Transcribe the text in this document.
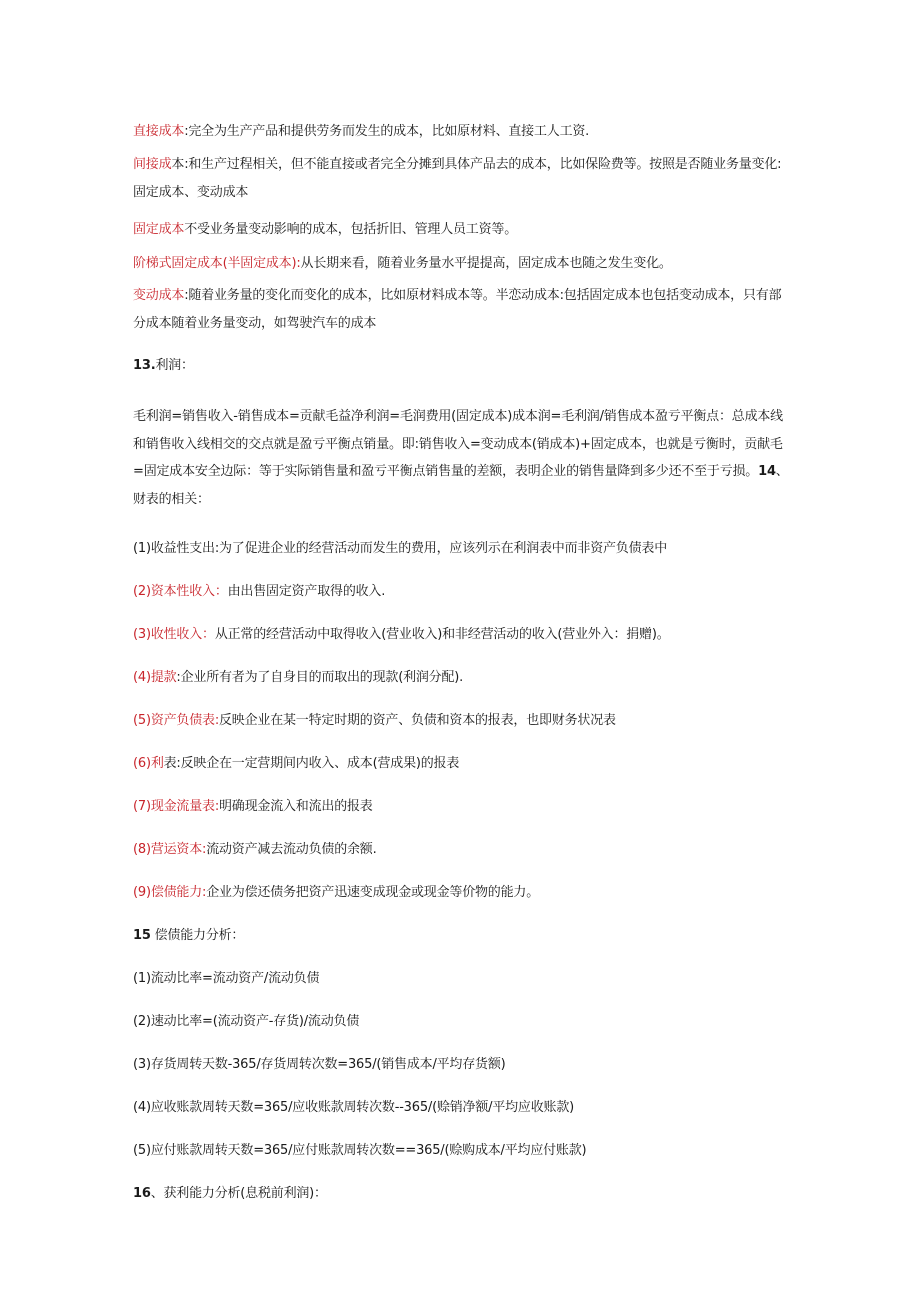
直接成本:完全为生产产品和提供劳务而发生的成本，比如原材料、直接工人工资.

间接成本:和生产过程相关，但不能直接或者完全分摊到具体产品去的成本，比如保险费等。按照是否随业务量变化:固定成本、变动成本

固定成本不受业务量变动影响的成本，包括折旧、管理人员工资等。

阶梯式固定成本(半固定成本):从长期来看，随着业务量水平提提高，固定成本也随之发生变化。

变动成本:随着业务量的变化而变化的成本，比如原材料成本等。半恋动成本:包括固定成本也包括变动成本，只有部分成本随着业务量变动，如驾驶汽车的成本

13.利润：

毛利润=销售收入-销售成本=贡献毛益净利润=毛润费用(固定成本)成本润=毛利润/销售成本盈亏平衡点：总成本线和销售收入线相交的交点就是盈亏平衡点销量。即:销售收入=变动成本(销成本)+固定成本，也就是亏衡时，贡献毛=固定成本安全边际：等于实际销售量和盈亏平衡点销售量的差额，表明企业的销售量降到多少还不至于亏损。14、财表的相关：

(1)收益性支出:为了促进企业的经营活动而发生的费用，应该列示在利润表中而非资产负债表中

(2)资本性收入：由出售固定资产取得的收入.

(3)收性收入：从正常的经营活动中取得收入(营业收入)和非经营活动的收入(营业外入：捐赠)。

(4)提款:企业所有者为了自身目的而取出的现款(利润分配).

(5)资产负债表:反映企业在某一特定时期的资产、负债和资本的报表，也即财务状况表

(6)利表:反映企在一定营期间内收入、成本(营成果)的报表

(7)现金流量表:明确现金流入和流出的报表

(8)营运资本:流动资产减去流动负债的余额.

(9)偿债能力:企业为偿还债务把资产迅速变成现金或现金等价物的能力。

15 偿债能力分析：

(1)流动比率=流动资产/流动负债

(2)速动比率=(流动资产-存货)/流动负债

(3)存货周转天数-365/存货周转次数=365/(销售成本/平均存货额)

(4)应收账款周转天数=365/应收账款周转次数--365/(赊销净额/平均应收账款)

(5)应付账款周转天数=365/应付账款周转次数==365/(赊购成本/平均应付账款)

16、获利能力分析(息税前利润)：
